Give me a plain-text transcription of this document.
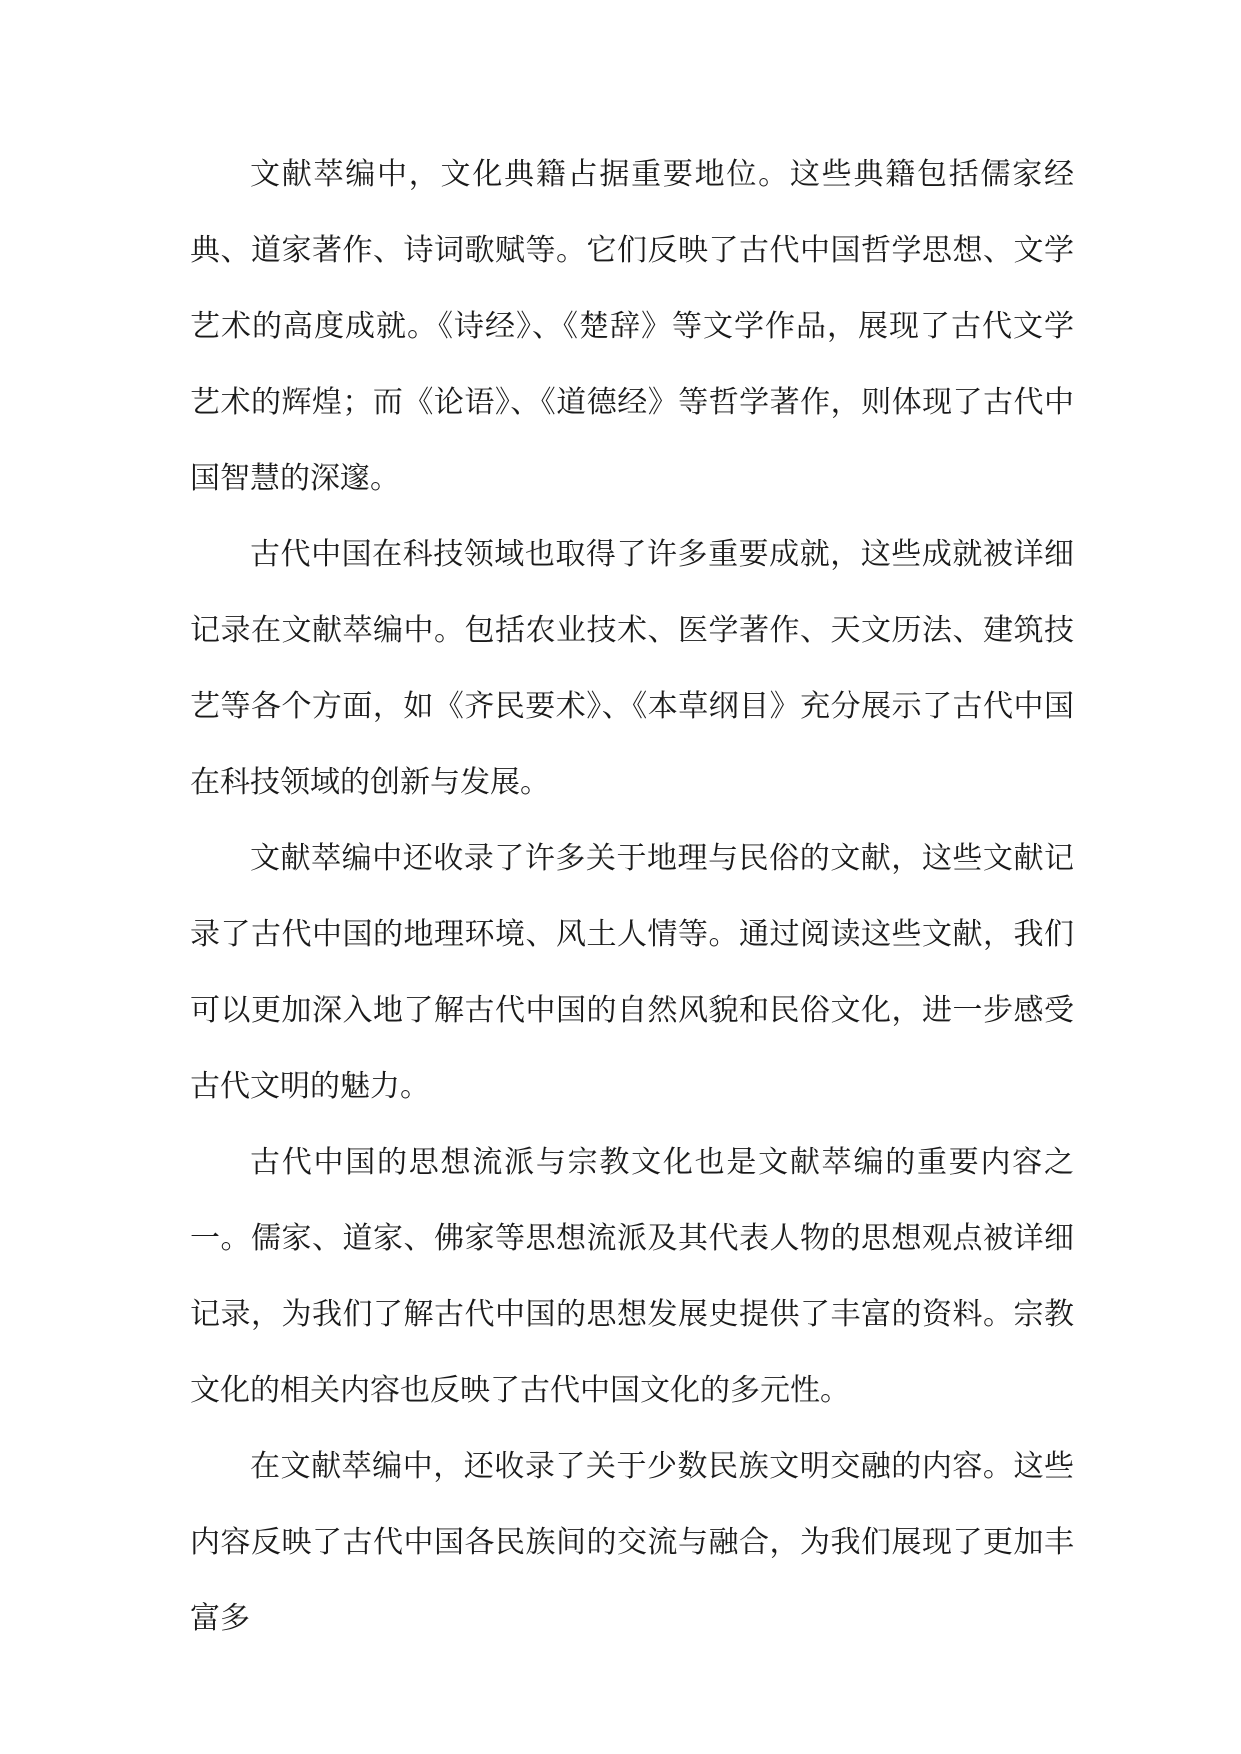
文献萃编中，文化典籍占据重要地位。这些典籍包括儒家经典、道家著作、诗词歌赋等。它们反映了古代中国哲学思想、文学艺术的高度成就。《诗经》、《楚辞》等文学作品，展现了古代文学艺术的辉煌；而《论语》、《道德经》等哲学著作，则体现了古代中国智慧的深邃。

古代中国在科技领域也取得了许多重要成就，这些成就被详细记录在文献萃编中。包括农业技术、医学著作、天文历法、建筑技艺等各个方面，如《齐民要术》、《本草纲目》充分展示了古代中国在科技领域的创新与发展。

文献萃编中还收录了许多关于地理与民俗的文献，这些文献记录了古代中国的地理环境、风土人情等。通过阅读这些文献，我们可以更加深入地了解古代中国的自然风貌和民俗文化，进一步感受古代文明的魅力。

古代中国的思想流派与宗教文化也是文献萃编的重要内容之一。儒家、道家、佛家等思想流派及其代表人物的思想观点被详细记录，为我们了解古代中国的思想发展史提供了丰富的资料。宗教文化的相关内容也反映了古代中国文化的多元性。

在文献萃编中，还收录了关于少数民族文明交融的内容。这些内容反映了古代中国各民族间的交流与融合，为我们展现了更加丰富多
